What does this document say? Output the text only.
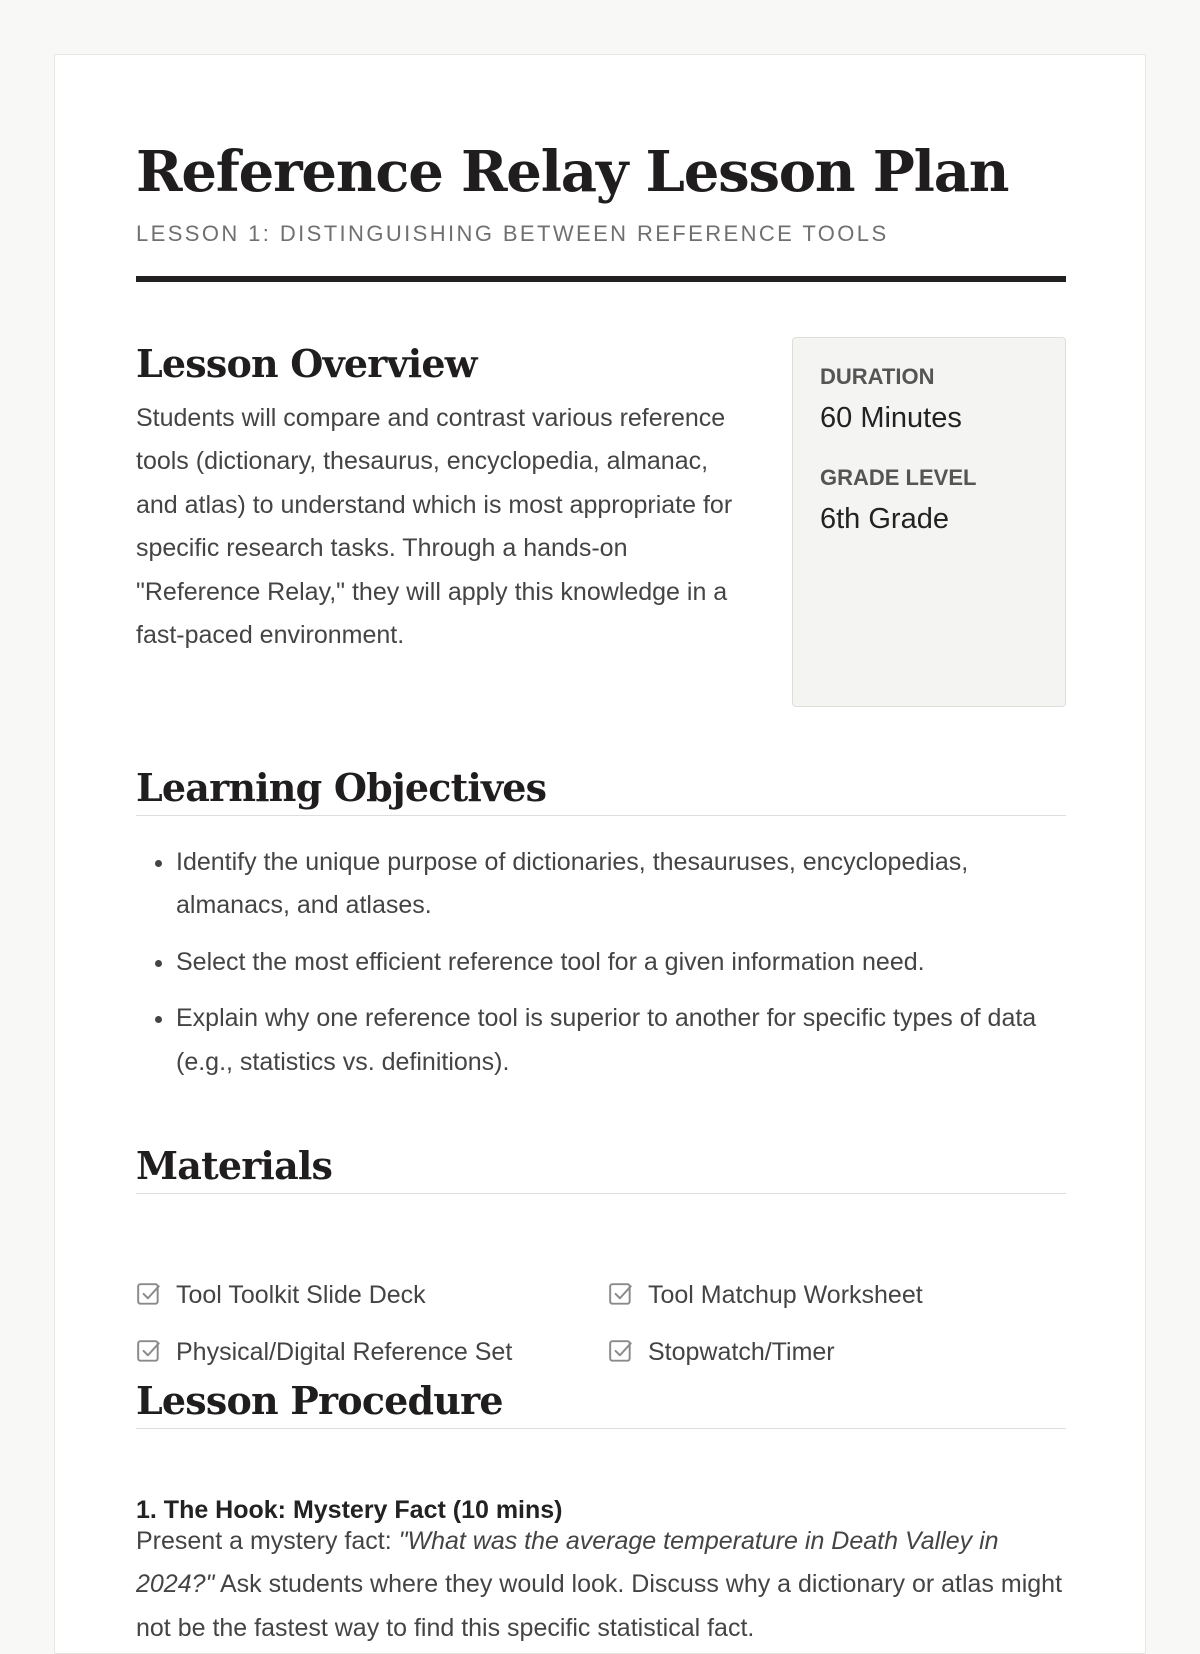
Reference Relay Lesson Plan
LESSON 1: DISTINGUISHING BETWEEN REFERENCE TOOLS
Lesson Overview

Students will compare and contrast various reference tools (dictionary, thesaurus, encyclopedia, almanac, and atlas) to understand which is most appropriate for specific research tasks. Through a hands-on "Reference Relay," they will apply this knowledge in a fast-paced environment.

DURATION
60 Minutes
GRADE LEVEL
6th Grade
Learning Objectives
• Identify the unique purpose of dictionaries, thesauruses, encyclopedias, almanacs, and atlases.
• Select the most efficient reference tool for a given information need.
• Explain why one reference tool is superior to another for specific types of data (e.g., statistics vs. definitions).
Materials
Tool Toolkit Slide Deck	Tool Matchup Worksheet
Physical/Digital Reference Set	Stopwatch/Timer
Lesson Procedure
1. The Hook: Mystery Fact (10 mins)

Present a mystery fact: "What was the average temperature in Death Valley in 2024?" Ask students where they would look. Discuss why a dictionary or atlas might not be the fastest way to find this specific statistical fact.
